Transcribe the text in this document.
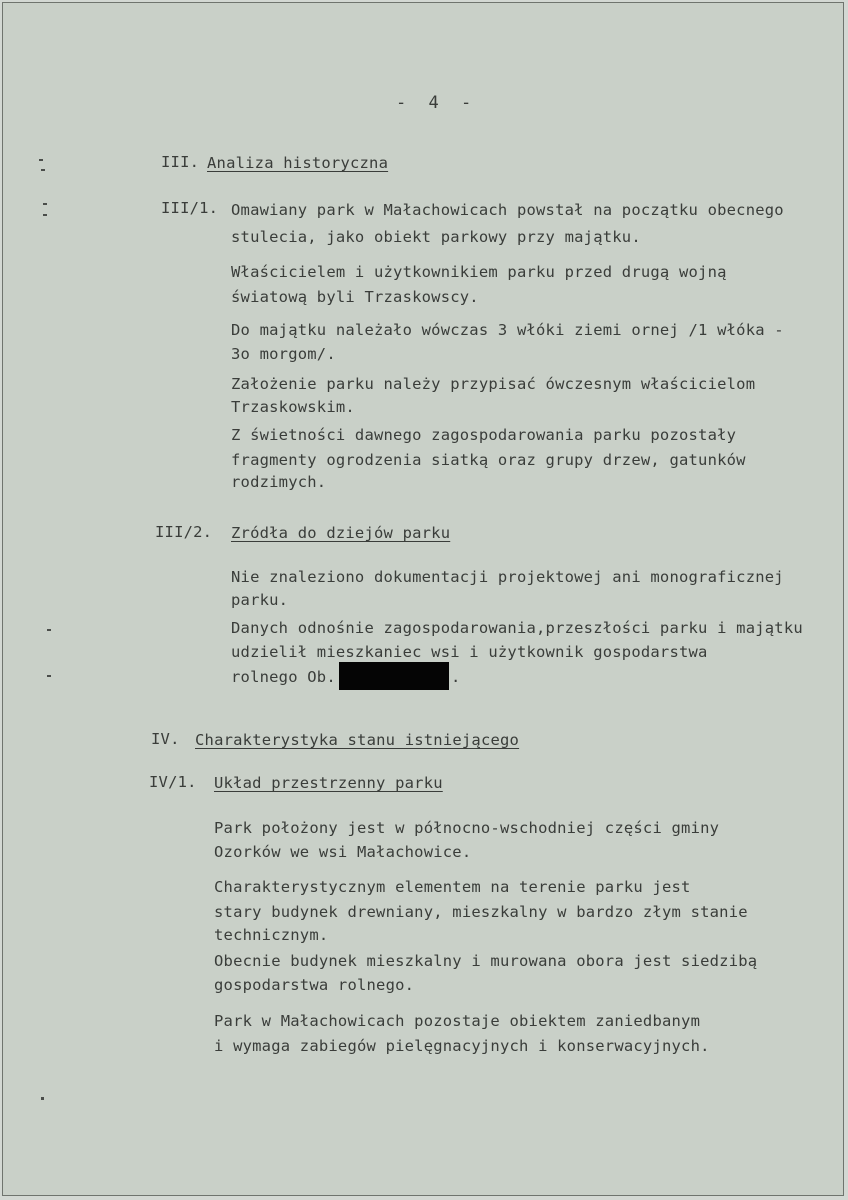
- 4 -
III. Analiza historyczna
III/1. Omawiany park w Małachowicach powstał na początku obecnego
stulecia, jako obiekt parkowy przy majątku.
Właścicielem i użytkownikiem parku przed drugą wojną
światową byli Trzaskowscy.
Do majątku należało wówczas 3 włóki ziemi ornej /1 włóka -
3o morgom/.
Założenie parku należy przypisać ówczesnym właścicielom
Trzaskowskim.
Z świetności dawnego zagospodarowania parku pozostały
fragmenty ogrodzenia siatką oraz grupy drzew, gatunków
rodzimych.
III/2. Zródła do dziejów parku
Nie znaleziono dokumentacji projektowej ani monograficznej
parku.
Danych odnośnie zagospodarowania,przeszłości parku i majątku
udzielił mieszkaniec wsi i użytkownik gospodarstwa
rolnego Ob.	.
IV. Charakterystyka stanu istniejącego
IV/1. Układ przestrzenny parku
Park położony jest w północno-wschodniej części gminy
Ozorków we wsi Małachowice.
Charakterystycznym elementem na terenie parku jest
stary budynek drewniany, mieszkalny w bardzo złym stanie
technicznym.
Obecnie budynek mieszkalny i murowana obora jest siedzibą
gospodarstwa rolnego.
Park w Małachowicach pozostaje obiektem zaniedbanym
i wymaga zabiegów pielęgnacyjnych i konserwacyjnych.
